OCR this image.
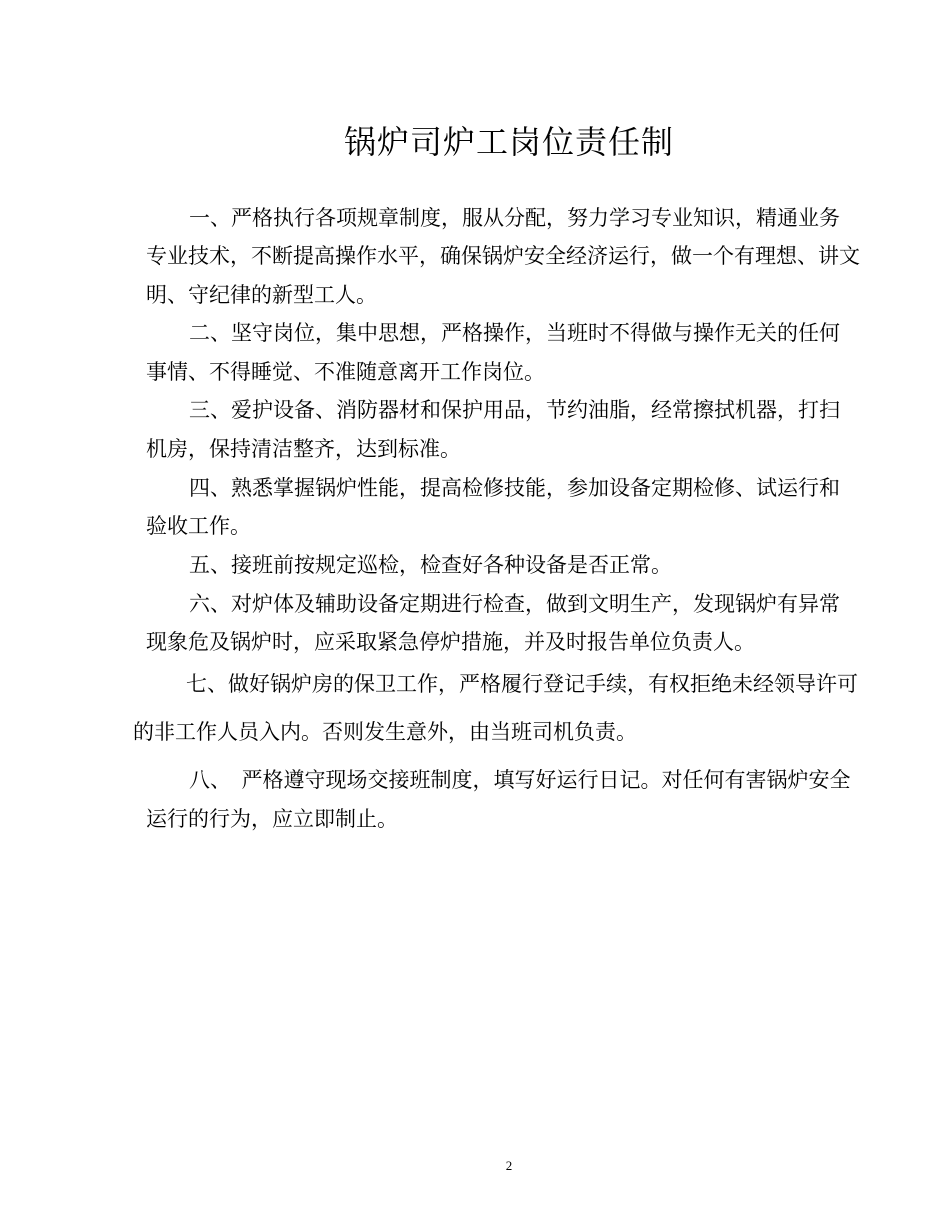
锅炉司炉工岗位责任制
一、严格执行各项规章制度，服从分配，努力学习专业知识，精通业务
专业技术，不断提高操作水平，确保锅炉安全经济运行，做一个有理想、讲文
明、守纪律的新型工人。
二、坚守岗位，集中思想，严格操作，当班时不得做与操作无关的任何
事情、不得睡觉、不准随意离开工作岗位。
三、爱护设备、消防器材和保护用品，节约油脂，经常擦拭机器，打扫
机房，保持清洁整齐，达到标准。
四、熟悉掌握锅炉性能，提高检修技能，参加设备定期检修、试运行和
验收工作。
五、接班前按规定巡检，检查好各种设备是否正常。
六、对炉体及辅助设备定期进行检查，做到文明生产，发现锅炉有异常
现象危及锅炉时，应采取紧急停炉措施，并及时报告单位负责人。
七、做好锅炉房的保卫工作，严格履行登记手续，有权拒绝未经领导许可
的非工作人员入内。否则发生意外，由当班司机负责。
八、　严格遵守现场交接班制度，填写好运行日记。对任何有害锅炉安全
运行的行为，应立即制止。
2
